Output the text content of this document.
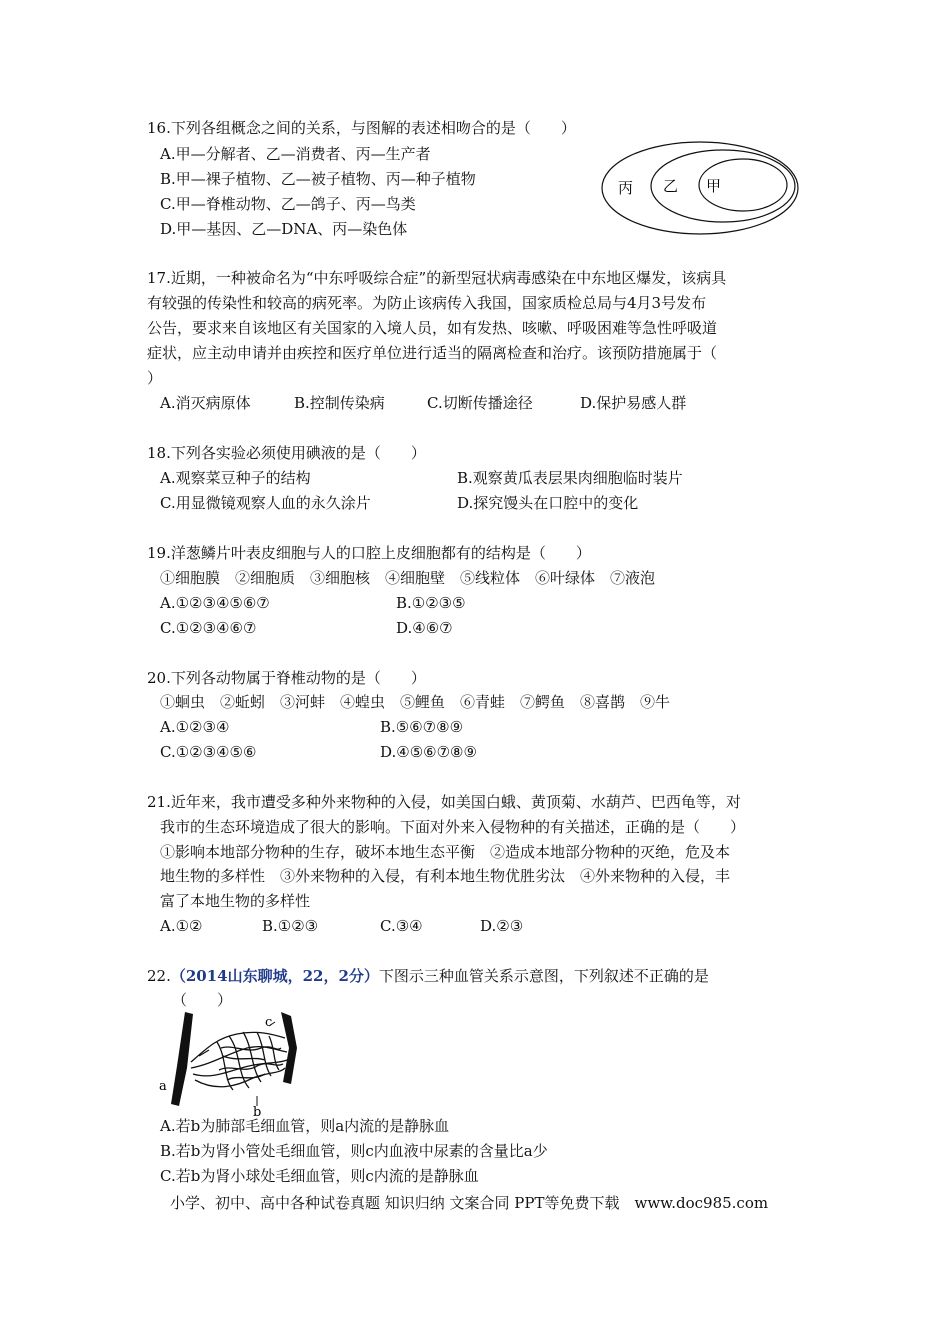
16.下列各组概念之间的关系，与图解的表述相吻合的是（　　）
A.甲—分解者、乙—消费者、丙—生产者
B.甲—裸子植物、乙—被子植物、丙—种子植物
C.甲—脊椎动物、乙—鸽子、丙—鸟类
D.甲—基因、乙—DNA、丙—染色体
丙 乙 甲
17.近期，一种被命名为“中东呼吸综合症”的新型冠状病毒感染在中东地区爆发，该病具
有较强的传染性和较高的病死率。为防止该病传入我国，国家质检总局与4月3号发布
公告，要求来自该地区有关国家的入境人员，如有发热、咳嗽、呼吸困难等急性呼吸道
症状，应主动申请并由疾控和医疗单位进行适当的隔离检查和治疗。该预防措施属于（
）
A.消灭病原体	B.控制传染病	C.切断传播途径	D.保护易感人群
18.下列各实验必须使用碘液的是（　　）
A.观察菜豆种子的结构	B.观察黄瓜表层果肉细胞临时装片
C.用显微镜观察人血的永久涂片	D.探究馒头在口腔中的变化
19.洋葱鳞片叶表皮细胞与人的口腔上皮细胞都有的结构是（　　）
①细胞膜　②细胞质　③细胞核　④细胞壁　⑤线粒体　⑥叶绿体　⑦液泡
A.①②③④⑤⑥⑦	B.①②③⑤
C.①②③④⑥⑦	D.④⑥⑦
20.下列各动物属于脊椎动物的是（　　）
①蛔虫　②蚯蚓　③河蚌　④蝗虫　⑤鲤鱼　⑥青蛙　⑦鳄鱼　⑧喜鹊　⑨牛
A.①②③④	B.⑤⑥⑦⑧⑨
C.①②③④⑤⑥	D.④⑤⑥⑦⑧⑨
21.近年来，我市遭受多种外来物种的入侵，如美国白蛾、黄顶菊、水葫芦、巴西龟等，对
我市的生态环境造成了很大的影响。下面对外来入侵物种的有关描述，正确的是（　　）
①影响本地部分物种的生存，破坏本地生态平衡　②造成本地部分物种的灭绝，危及本
地生物的多样性　③外来物种的入侵，有利本地生物优胜劣汰　④外来物种的入侵，丰
富了本地生物的多样性
A.①②	B.①②③	C.③④	D.②③
22.（2014山东聊城，22，2分）下图示三种血管关系示意图，下列叙述不正确的是
（　　）
a
b
c
A.若b为肺部毛细血管，则a内流的是静脉血
B.若b为肾小管处毛细血管，则c内血液中尿素的含量比a少
C.若b为肾小球处毛细血管，则c内流的是静脉血
小学、初中、高中各种试卷真题 知识归纳 文案合同 PPT等免费下载　www.doc985.com
